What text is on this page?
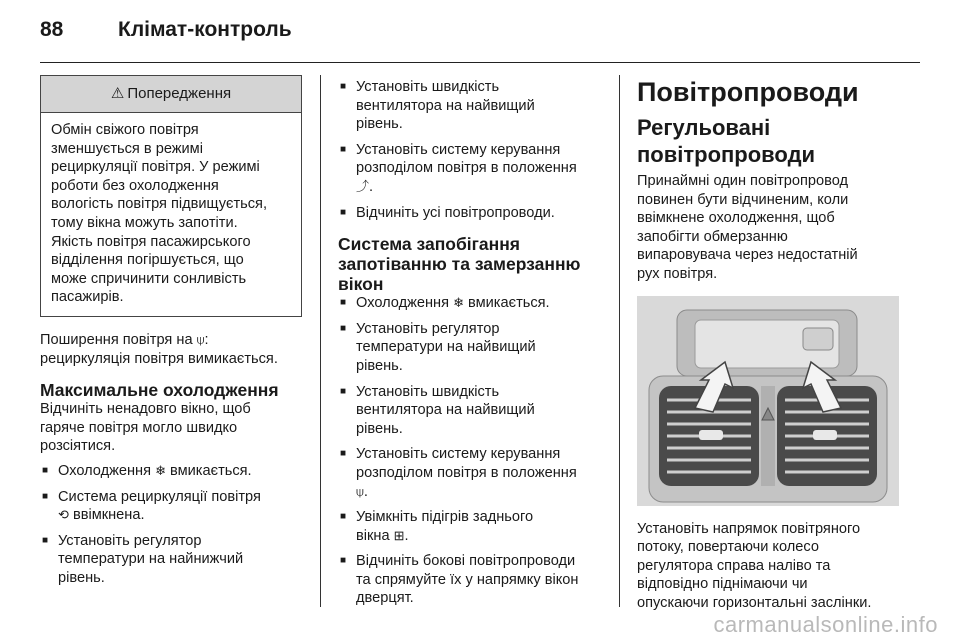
88	Клімат-контроль
⚠ Попередження

Обмін свіжого повітря

зменшується в режимі

рециркуляції повітря. У режимі

роботи без охолодження

вологість повітря підвищується,

тому вікна можуть запотіти.

Якість повітря пасажирського

відділення погіршується, що

може спричинити сонливість

пасажирів.

Поширення повітря на ⍦:

рециркуляція повітря вимикається.

Максимальне охолодження

Відчиніть ненадовго вікно, щоб

гаряче повітря могло швидко

розсіятися.

■ Охолодження ❄ вмикається.
■ Система рециркуляції повітря
⟲ ввімкнена.
■ Установіть регулятор
температури на найнижчий
рівень.
■ Установіть швидкість
вентилятора на найвищий
рівень.
■ Установіть систему керування
розподілом повітря в положення
⤴.
■ Відчиніть усі повітропроводи.

Система запобігання

запотіванню та замерзанню

вікон

■ Охолодження ❄ вмикається.
■ Установіть регулятор
температури на найвищий
рівень.
■ Установіть швидкість
вентилятора на найвищий
рівень.
■ Установіть систему керування
розподілом повітря в положення
⍦.
■ Увімкніть підігрів заднього
вікна ⊞.
■ Відчиніть бокові повітропроводи
та спрямуйте їх у напрямку вікон
дверцят.

Повітропроводи

Регульовані

повітропроводи

Принаймні один повітропровод

повинен бути відчиненим, коли

ввімкнене охолодження, щоб

запобігти обмерзанню

випаровувача через недостатній

рух повітря.

Установіть напрямок повітряного

потоку, повертаючи колесо

регулятора справа наліво та

відповідно піднімаючи чи

опускаючи горизонтальні заслінки.

carmanualsonline.info
